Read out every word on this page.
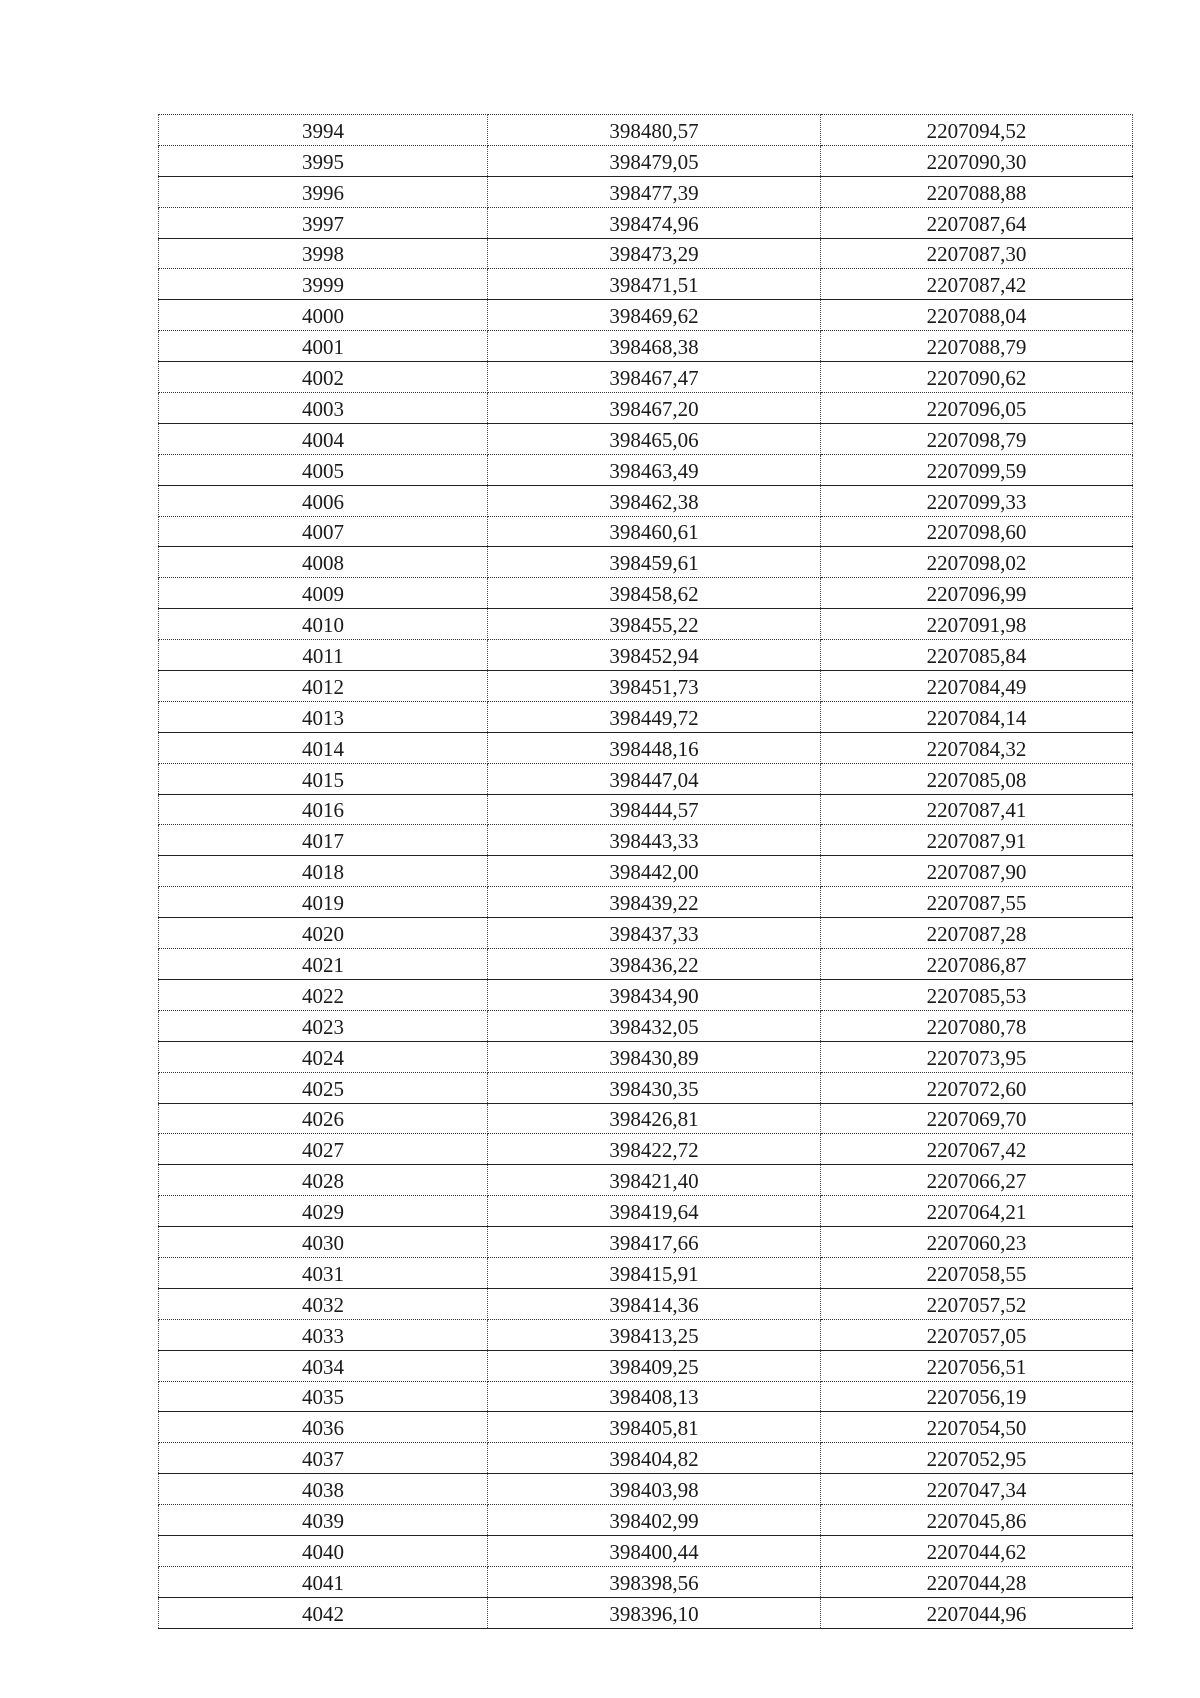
3994	398480,57	2207094,52
3995	398479,05	2207090,30
3996	398477,39	2207088,88
3997	398474,96	2207087,64
3998	398473,29	2207087,30
3999	398471,51	2207087,42
4000	398469,62	2207088,04
4001	398468,38	2207088,79
4002	398467,47	2207090,62
4003	398467,20	2207096,05
4004	398465,06	2207098,79
4005	398463,49	2207099,59
4006	398462,38	2207099,33
4007	398460,61	2207098,60
4008	398459,61	2207098,02
4009	398458,62	2207096,99
4010	398455,22	2207091,98
4011	398452,94	2207085,84
4012	398451,73	2207084,49
4013	398449,72	2207084,14
4014	398448,16	2207084,32
4015	398447,04	2207085,08
4016	398444,57	2207087,41
4017	398443,33	2207087,91
4018	398442,00	2207087,90
4019	398439,22	2207087,55
4020	398437,33	2207087,28
4021	398436,22	2207086,87
4022	398434,90	2207085,53
4023	398432,05	2207080,78
4024	398430,89	2207073,95
4025	398430,35	2207072,60
4026	398426,81	2207069,70
4027	398422,72	2207067,42
4028	398421,40	2207066,27
4029	398419,64	2207064,21
4030	398417,66	2207060,23
4031	398415,91	2207058,55
4032	398414,36	2207057,52
4033	398413,25	2207057,05
4034	398409,25	2207056,51
4035	398408,13	2207056,19
4036	398405,81	2207054,50
4037	398404,82	2207052,95
4038	398403,98	2207047,34
4039	398402,99	2207045,86
4040	398400,44	2207044,62
4041	398398,56	2207044,28
4042	398396,10	2207044,96
